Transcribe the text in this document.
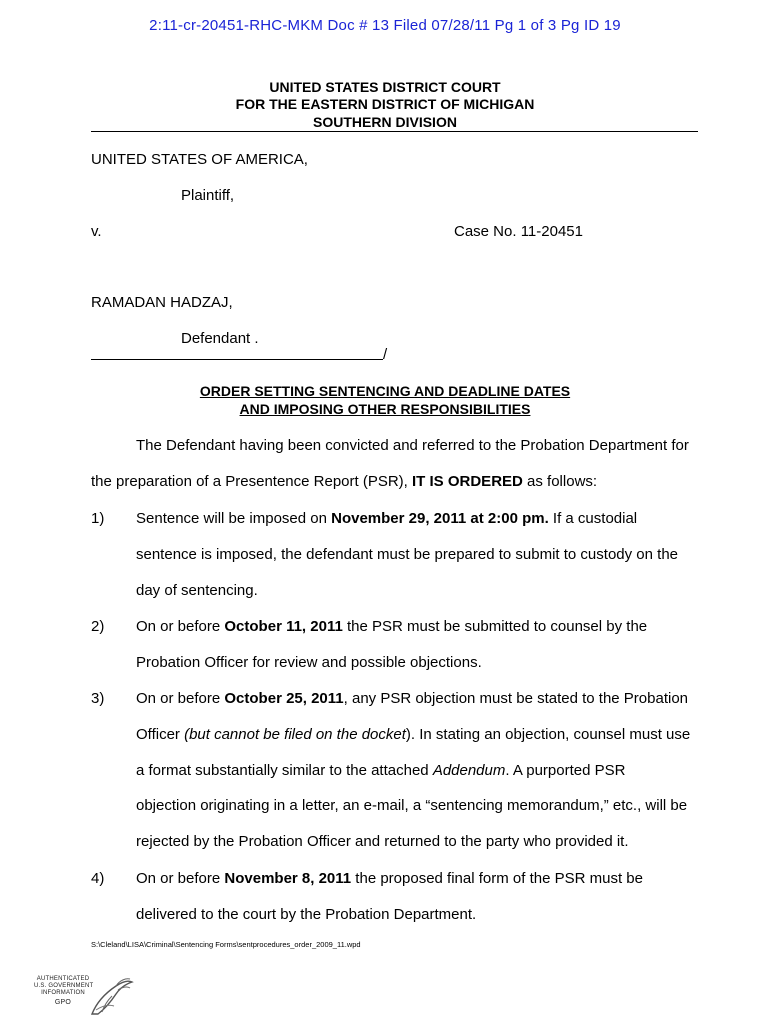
2:11-cr-20451-RHC-MKM Doc # 13 Filed 07/28/11 Pg 1 of 3 Pg ID 19
UNITED STATES DISTRICT COURT
FOR THE EASTERN DISTRICT OF MICHIGAN
SOUTHERN DIVISION
UNITED STATES OF AMERICA,
Plaintiff,
v.	Case No. 11-20451
RAMADAN HADZAJ,
Defendant .
/
ORDER SETTING SENTENCING AND DEADLINE DATES
AND IMPOSING OTHER RESPONSIBILITIES
The Defendant having been convicted and referred to the Probation Department for
the preparation of a Presentence Report (PSR), IT IS ORDERED as follows:
1) Sentence will be imposed on November 29, 2011 at 2:00 pm. If a custodial
sentence is imposed, the defendant must be prepared to submit to custody on the
day of sentencing.
2) On or before October 11, 2011 the PSR must be submitted to counsel by the
Probation Officer for review and possible objections.
3) On or before October 25, 2011, any PSR objection must be stated to the Probation
Officer (but cannot be filed on the docket). In stating an objection, counsel must use
a format substantially similar to the attached Addendum. A purported PSR
objection originating in a letter, an e-mail, a “sentencing memorandum,” etc., will be
rejected by the Probation Officer and returned to the party who provided it.
4) On or before November 8, 2011 the proposed final form of the PSR must be
delivered to the court by the Probation Department.
S:\Cleland\LISA\Criminal\Sentencing Forms\sentprocedures_order_2009_11.wpd
AUTHENTICATED
U.S. GOVERNMENT
INFORMATION
GPO
